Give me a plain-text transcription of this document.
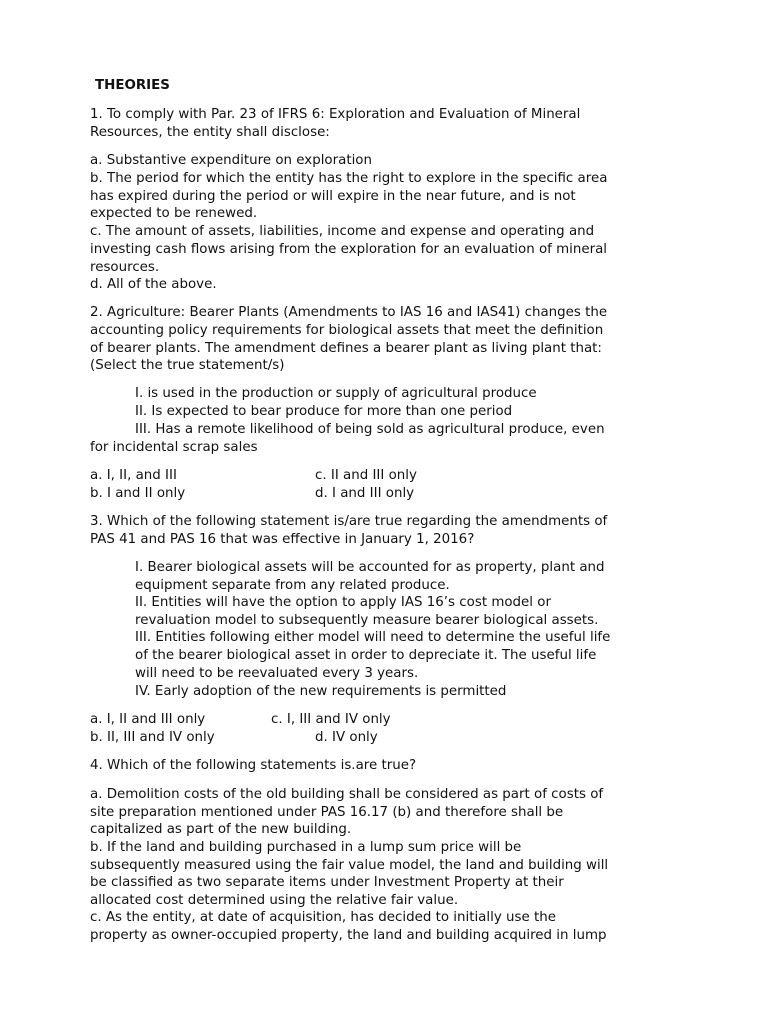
THEORIES
1. To comply with Par. 23 of IFRS 6: Exploration and Evaluation of Mineral
Resources, the entity shall disclose:
a. Substantive expenditure on exploration
b. The period for which the entity has the right to explore in the specific area
has expired during the period or will expire in the near future, and is not
expected to be renewed.
c. The amount of assets, liabilities, income and expense and operating and
investing cash flows arising from the exploration for an evaluation of mineral
resources.
d. All of the above.
2. Agriculture: Bearer Plants (Amendments to IAS 16 and IAS41) changes the
accounting policy requirements for biological assets that meet the definition
of bearer plants. The amendment defines a bearer plant as living plant that:
(Select the true statement/s)
I. is used in the production or supply of agricultural produce
II. Is expected to bear produce for more than one period
III. Has a remote likelihood of being sold as agricultural produce, even
for incidental scrap sales
a. I, II, and III	c. II and III only
b. I and II only	d. I and III only
3. Which of the following statement is/are true regarding the amendments of
PAS 41 and PAS 16 that was effective in January 1, 2016?
I. Bearer biological assets will be accounted for as property, plant and
equipment separate from any related produce.
II. Entities will have the option to apply IAS 16’s cost model or
revaluation model to subsequently measure bearer biological assets.
III. Entities following either model will need to determine the useful life
of the bearer biological asset in order to depreciate it. The useful life
will need to be reevaluated every 3 years.
IV. Early adoption of the new requirements is permitted
a. I, II and III only	c. I, III and IV only
b. II, III and IV only	d. IV only
4. Which of the following statements is.are true?
a. Demolition costs of the old building shall be considered as part of costs of
site preparation mentioned under PAS 16.17 (b) and therefore shall be
capitalized as part of the new building.
b. If the land and building purchased in a lump sum price will be
subsequently measured using the fair value model, the land and building will
be classified as two separate items under Investment Property at their
allocated cost determined using the relative fair value.
c. As the entity, at date of acquisition, has decided to initially use the
property as owner-occupied property, the land and building acquired in lump
